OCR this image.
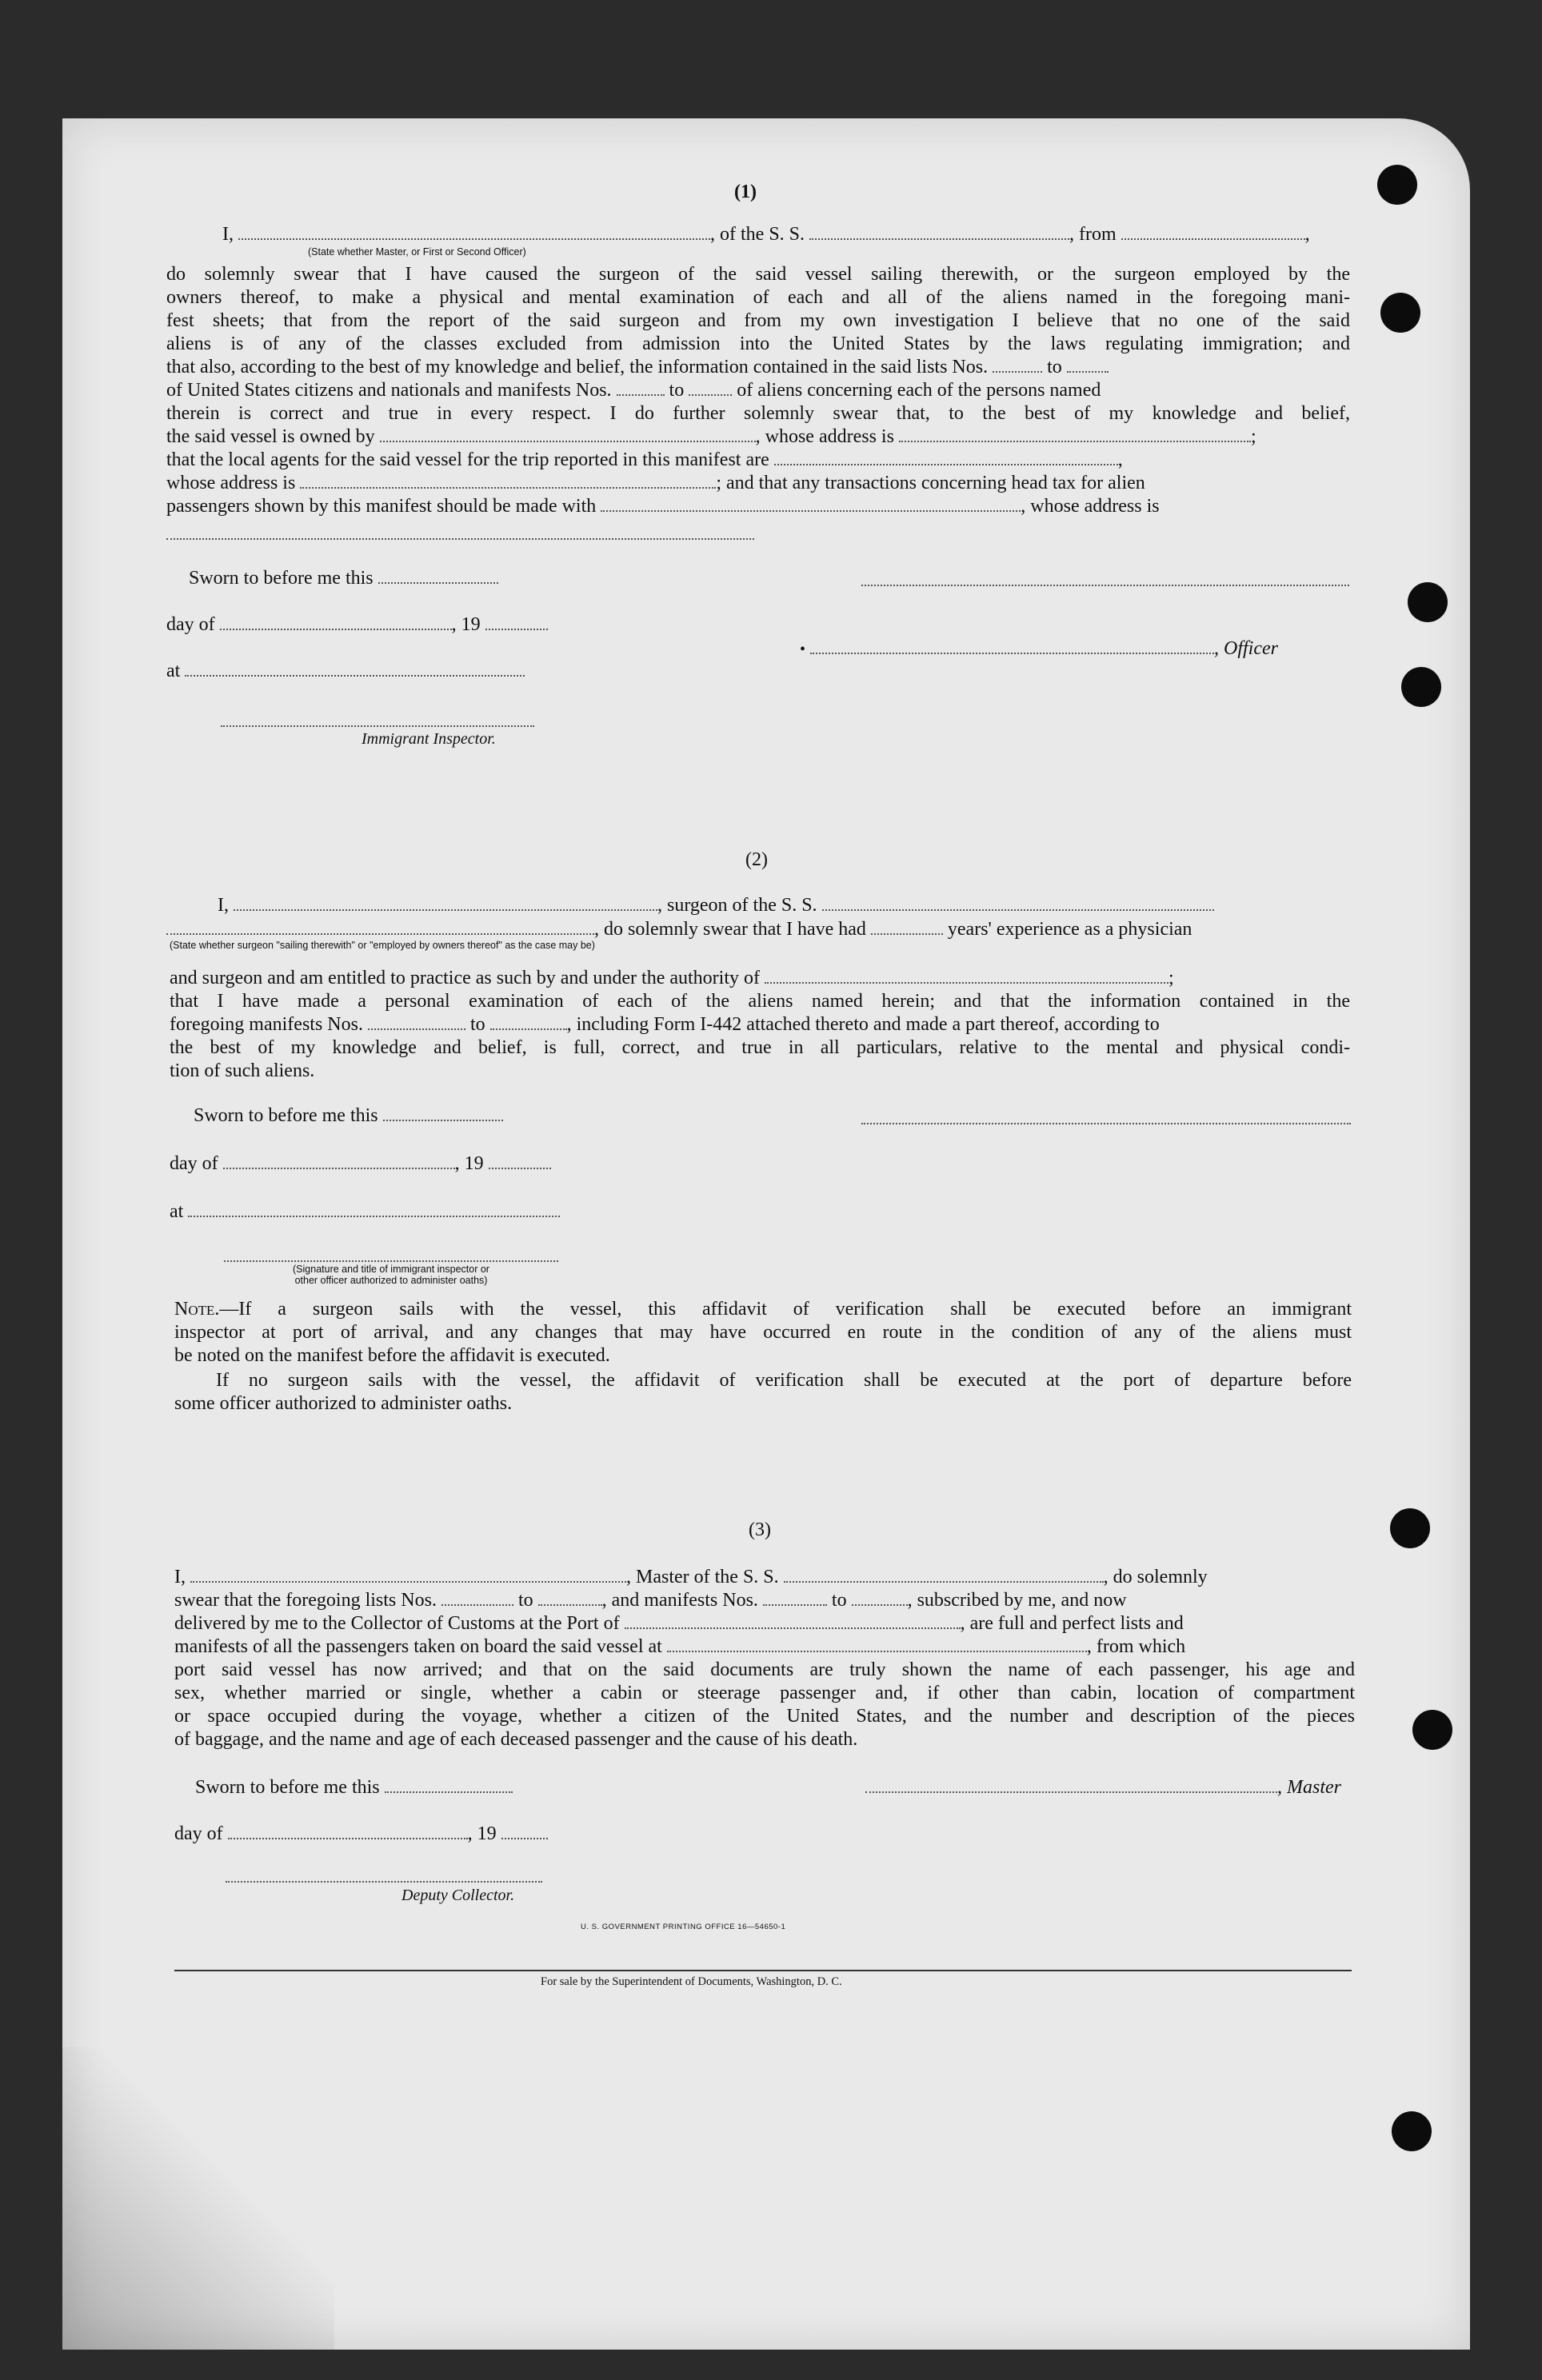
(1)
I,	, of the S. S.	, from	,
(State whether Master, or First or Second Officer)
do solemnly swear that I have caused the surgeon of the said vessel sailing therewith, or the surgeon employed by the
owners thereof, to make a physical and mental examination of each and all of the aliens named in the foregoing mani-
fest sheets; that from the report of the said surgeon and from my own investigation I believe that no one of the said
aliens is of any of the classes excluded from admission into the United States by the laws regulating immigration; and
that also, according to the best of my knowledge and belief, the information contained in the said lists Nos.	to
of United States citizens and nationals and manifests Nos.	to	of aliens concerning each of the persons named
therein is correct and true in every respect. I do further solemnly swear that, to the best of my knowledge and belief,
the said vessel is owned by	, whose address is	;
that the local agents for the said vessel for the trip reported in this manifest are	,
whose address is	; and that any transactions concerning head tax for alien
passengers shown by this manifest should be made with	, whose address is
Sworn to before me this
day of	, 19
•	, Officer
at
Immigrant Inspector.
(2)
I,	, surgeon of the S. S.
, do solemnly swear that I have had	years' experience as a physician
(State whether surgeon "sailing therewith" or "employed by owners thereof" as the case may be)
and surgeon and am entitled to practice as such by and under the authority of	;
that I have made a personal examination of each of the aliens named herein; and that the information contained in the
foregoing manifests Nos.	to	, including Form I-442 attached thereto and made a part thereof, according to
the best of my knowledge and belief, is full, correct, and true in all particulars, relative to the mental and physical condi-
tion of such aliens.
Sworn to before me this
day of	, 19
at
(Signature and title of immigrant inspector or
other officer authorized to administer oaths)
Note.—If a surgeon sails with the vessel, this affidavit of verification shall be executed before an immigrant
inspector at port of arrival, and any changes that may have occurred en route in the condition of any of the aliens must
be noted on the manifest before the affidavit is executed.
If no surgeon sails with the vessel, the affidavit of verification shall be executed at the port of departure before
some officer authorized to administer oaths.
(3)
I,	, Master of the S. S.	, do solemnly
swear that the foregoing lists Nos.	to	, and manifests Nos.	to	, subscribed by me, and now
delivered by me to the Collector of Customs at the Port of	, are full and perfect lists and
manifests of all the passengers taken on board the said vessel at	, from which
port said vessel has now arrived; and that on the said documents are truly shown the name of each passenger, his age and
sex, whether married or single, whether a cabin or steerage passenger and, if other than cabin, location of compartment
or space occupied during the voyage, whether a citizen of the United States, and the number and description of the pieces
of baggage, and the name and age of each deceased passenger and the cause of his death.
Sworn to before me this	, Master
day of	, 19
Deputy Collector.
U. S. GOVERNMENT PRINTING OFFICE 16—54650-1
For sale by the Superintendent of Documents, Washington, D. C.
